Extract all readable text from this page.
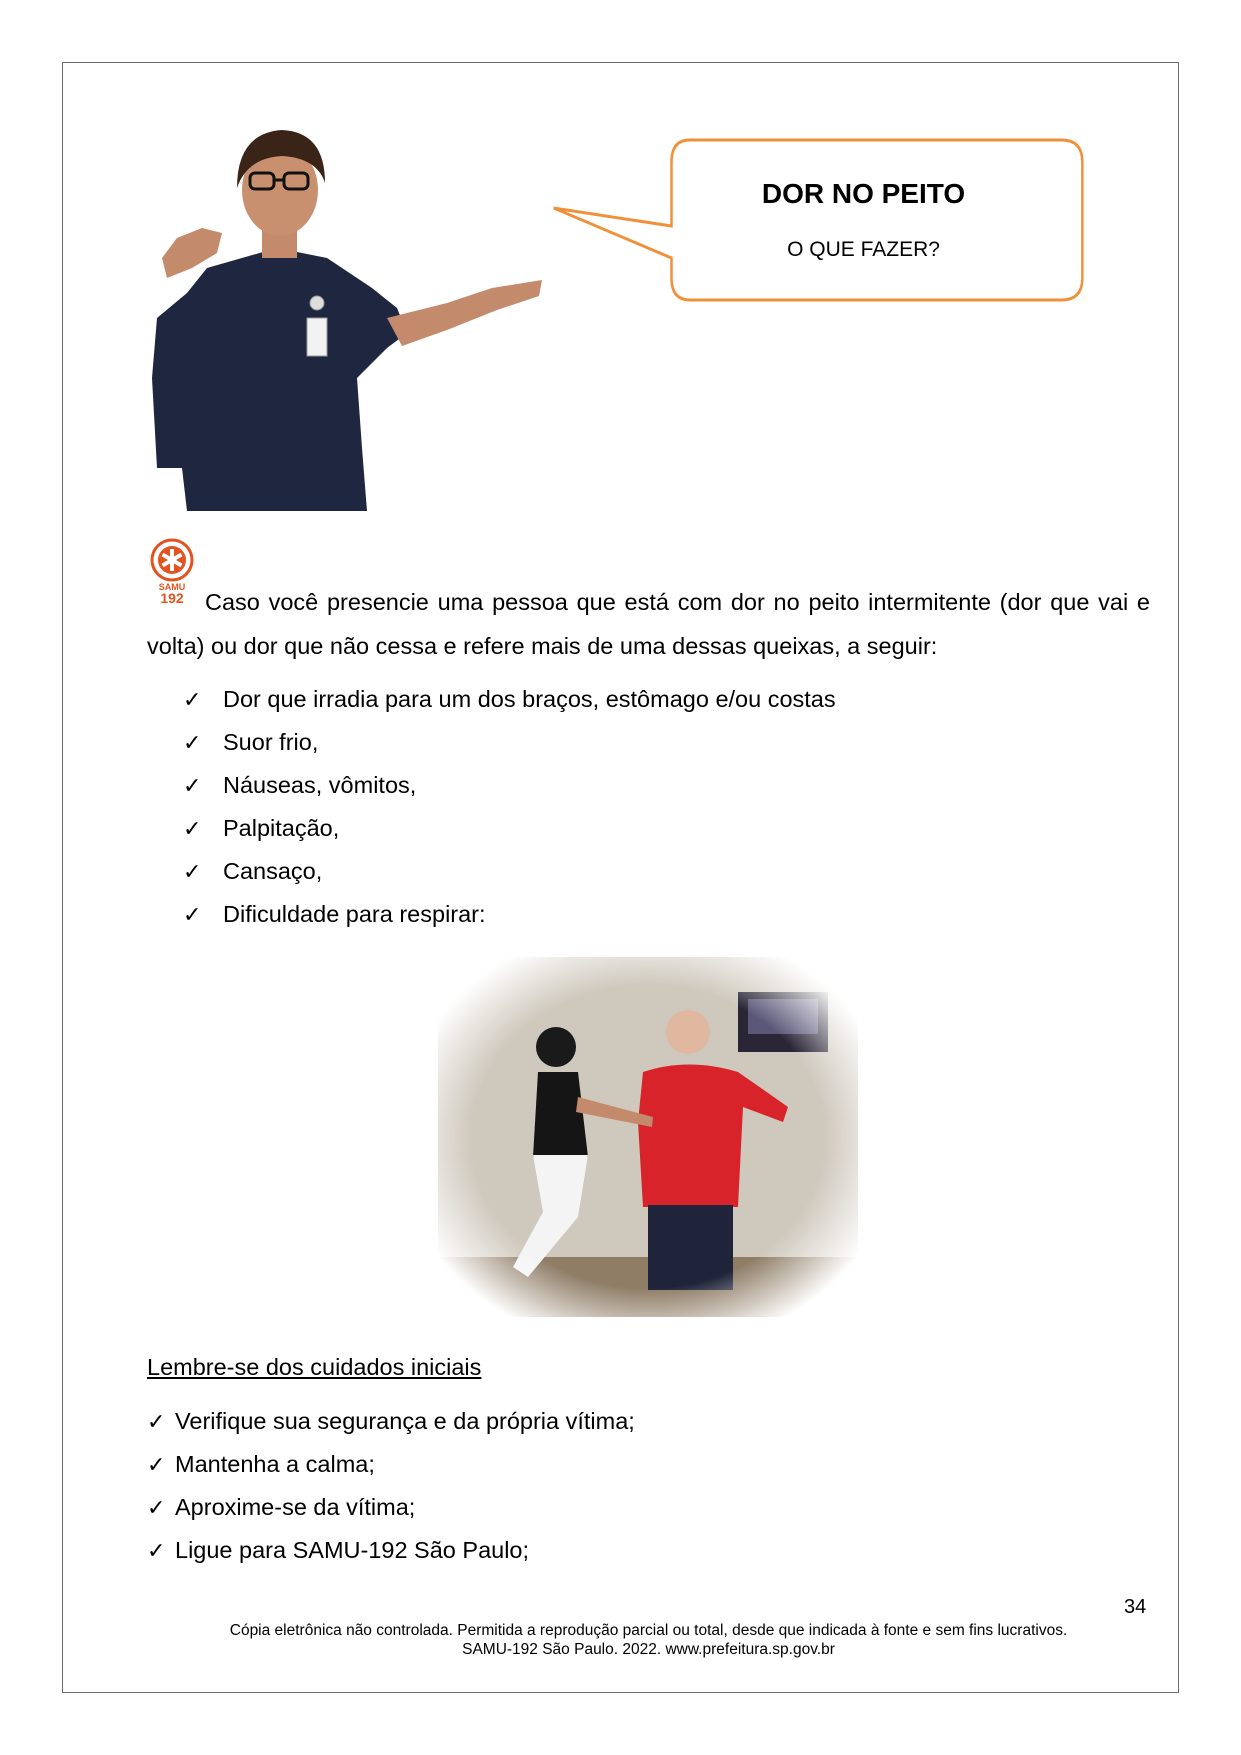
DOR NO PEITO
O QUE FAZER?
SAMU
192 Caso você presencie uma pessoa que está com dor no peito intermitente (dor que vai e volta) ou dor que não cessa e refere mais de uma dessas queixas, a seguir:
✓ Dor que irradia para um dos braços, estômago e/ou costas
✓ Suor frio,
✓ Náuseas, vômitos,
✓ Palpitação,
✓ Cansaço,
✓ Dificuldade para respirar:
Lembre-se dos cuidados iniciais
✓ Verifique sua segurança e da própria vítima;
✓ Mantenha a calma;
✓ Aproxime-se da vítima;
✓ Ligue para SAMU-192 São Paulo;
34
Cópia eletrônica não controlada. Permitida a reprodução parcial ou total, desde que indicada à fonte e sem fins lucrativos.
SAMU-192 São Paulo. 2022. www.prefeitura.sp.gov.br
